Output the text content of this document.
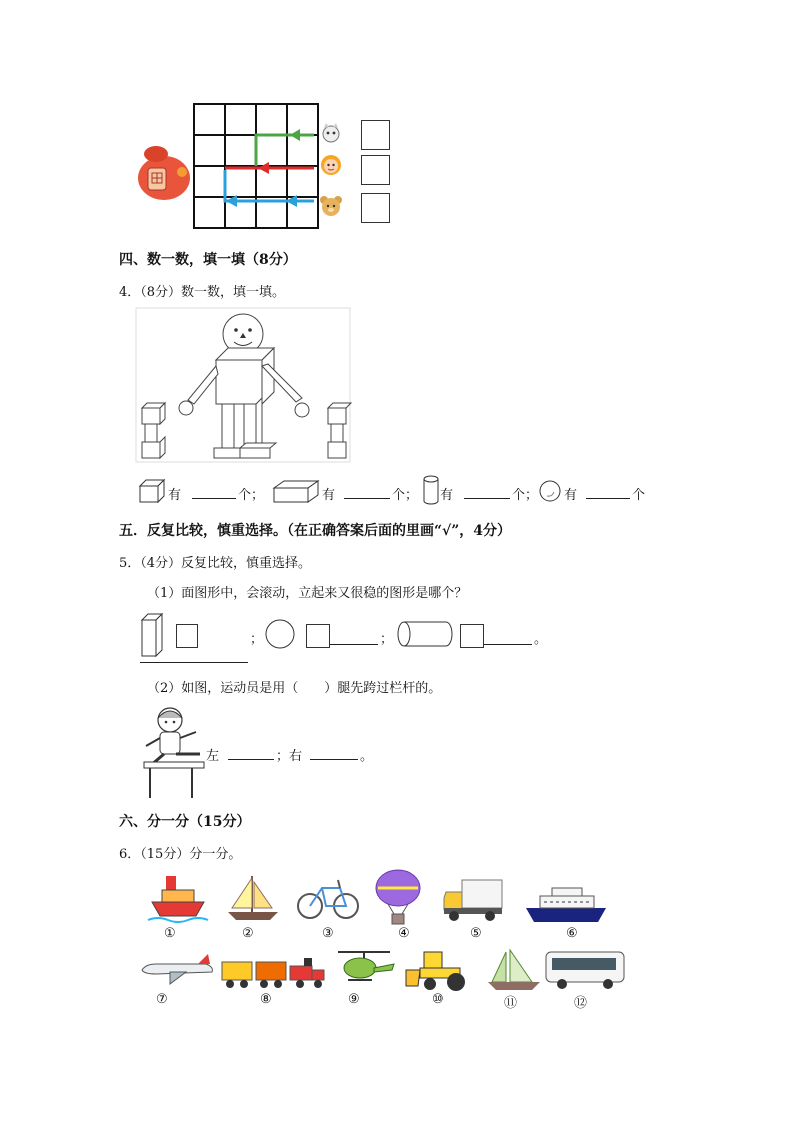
四、数一数，填一填（8分）
4．（8分）数一数，填一填。
有	个；	有	个； 有	个； 有	个
五．反复比较，慎重选择。（在正确答案后面的里画“√”，4分）
5．（4分）反复比较，慎重选择。
（1）面图形中，会滚动，立起来又很稳的图形是哪个？
；	；	。
（2）如图，运动员是用（　　）腿先跨过栏杆的。
左	；右	。
六、分一分（15分）
6．（15分）分一分。
①	②	③	④	⑤	⑥
⑦	⑧	⑨	⑩	⑪	⑫
